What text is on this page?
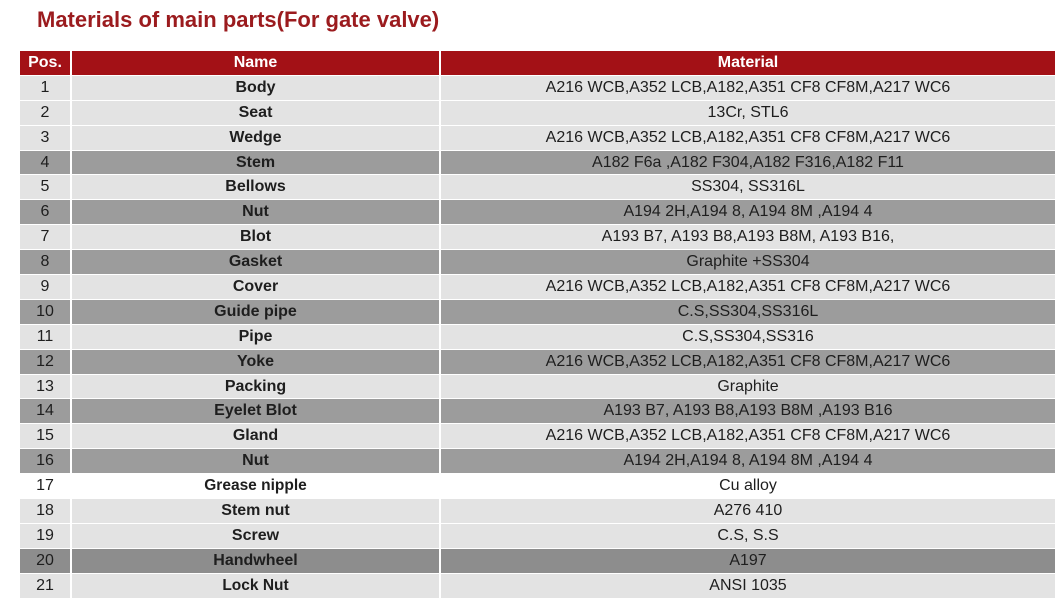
Materials of main parts(For gate valve)
Pos.	Name	Material
1	Body	A216 WCB,A352 LCB,A182,A351 CF8 CF8M,A217 WC6
2	Seat	13Cr, STL6
3	Wedge	A216 WCB,A352 LCB,A182,A351 CF8 CF8M,A217 WC6
4	Stem	A182 F6a ,A182 F304,A182 F316,A182 F11
5	Bellows	SS304, SS316L
6	Nut	A194 2H,A194 8, A194 8M ,A194 4
7	Blot	A193 B7, A193 B8,A193 B8M, A193 B16,
8	Gasket	Graphite +SS304
9	Cover	A216 WCB,A352 LCB,A182,A351 CF8 CF8M,A217 WC6
10	Guide pipe	C.S,SS304,SS316L
11	Pipe	C.S,SS304,SS316
12	Yoke	A216 WCB,A352 LCB,A182,A351 CF8 CF8M,A217 WC6
13	Packing	Graphite
14	Eyelet Blot	A193 B7, A193 B8,A193 B8M ,A193 B16
15	Gland	A216 WCB,A352 LCB,A182,A351 CF8 CF8M,A217 WC6
16	Nut	A194 2H,A194 8, A194 8M ,A194 4
17	Grease nipple	Cu alloy
18	Stem nut	A276 410
19	Screw	C.S, S.S
20	Handwheel	A197
21	Lock Nut	ANSI 1035
